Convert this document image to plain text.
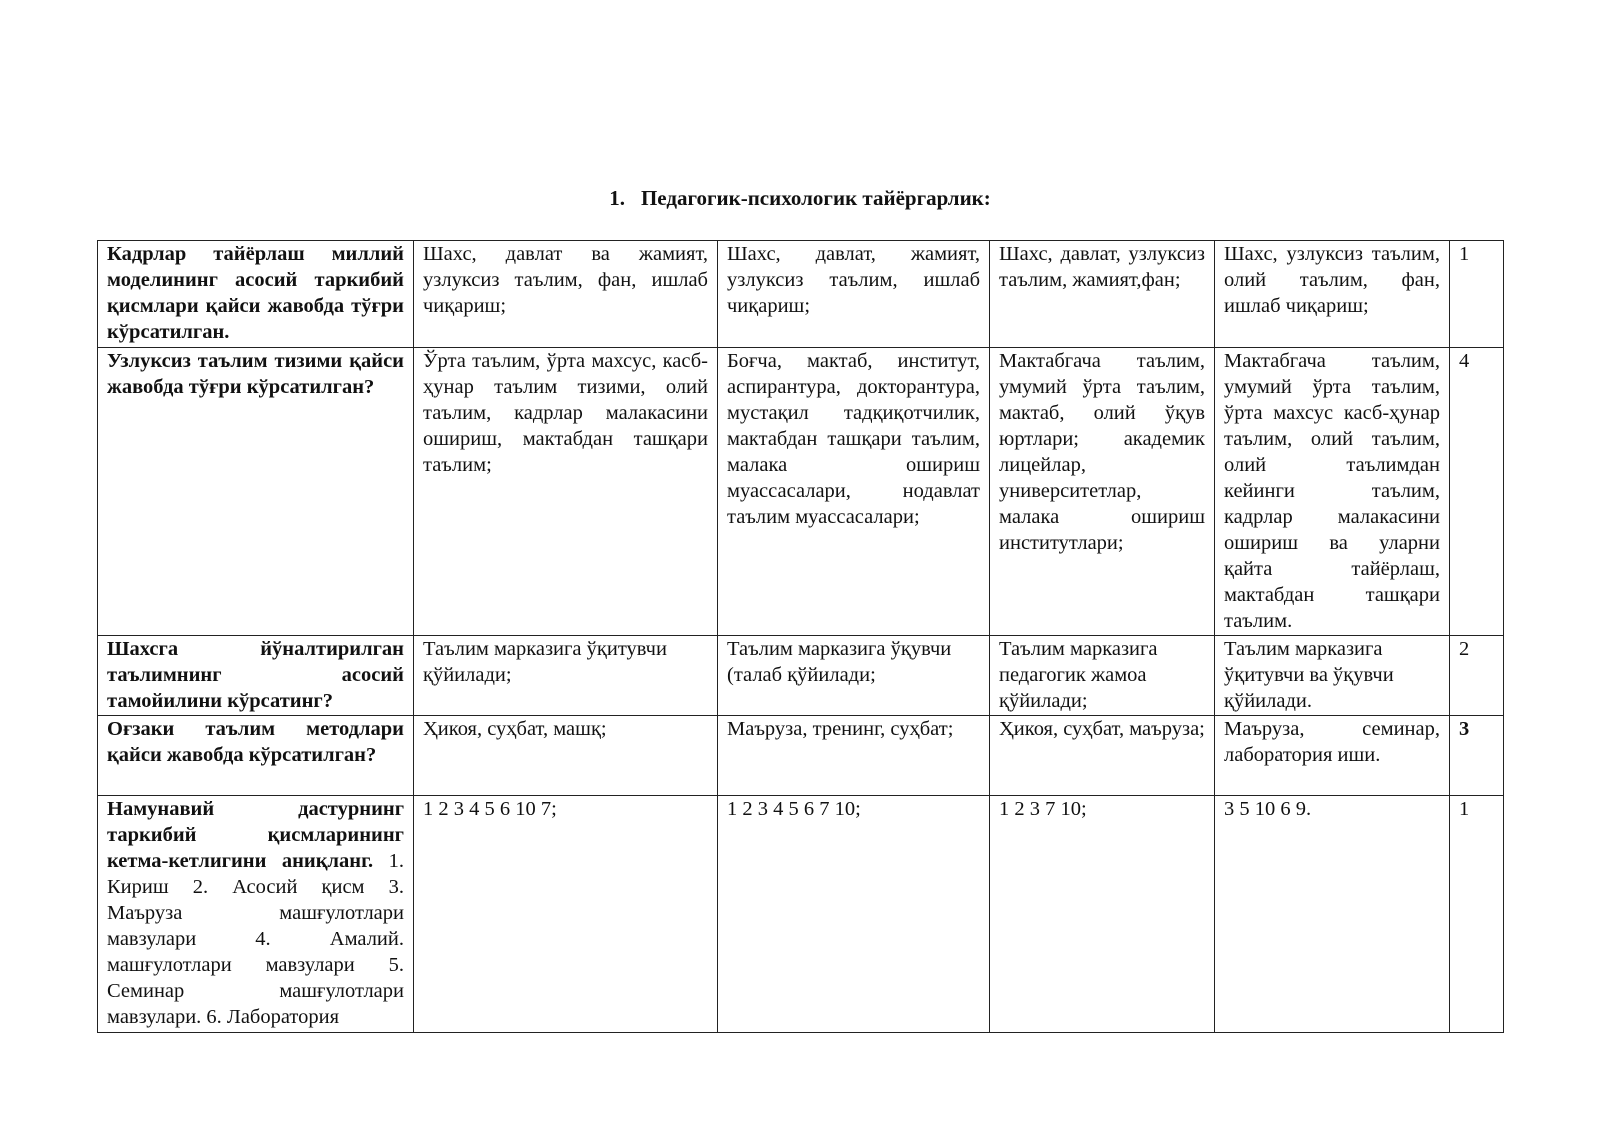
1. Педагогик-психологик тайёргарлик:
Кадрлар тайёрлаш миллий моделининг асосий таркибий қисмлари қайси жавобда тўғри кўрсатилган.	Шахс, давлат ва жамият, узлуксиз таълим, фан, ишлаб чиқариш;	Шахс, давлат, жамият, узлуксиз таълим, ишлаб чиқариш;	Шахс, давлат, узлуксиз таълим, жамият,фан;	Шахс, узлуксиз таълим, олий таълим, фан, ишлаб чиқариш;	1
Узлуксиз таълим тизими қайси жавобда тўғри кўрсатилган?	Ўрта таълим, ўрта махсус, касб-ҳунар таълим тизими, олий таълим, кадрлар малакасини ошириш, мактабдан ташқари таълим;	Боғча, мактаб, институт, аспирантура, докторантура, мустақил тадқиқотчилик, мактабдан ташқари таълим, малака ошириш муассасалари, нодавлат таълим муассасалари;	Мактабгача таълим, умумий ўрта таълим, мактаб, олий ўқув юртлари; академик лицейлар, университетлар, малака ошириш институтлари;	Мактабгача таълим, умумий ўрта таълим, ўрта махсус касб-ҳунар таълим, олий таълим, олий таълимдан кейинги таълим, кадрлар малакасини ошириш ва уларни қайта тайёрлаш, мактабдан ташқари таълим.	4
Шахсга йўналтирилган таълимнинг асосий тамойилини кўрсатинг?	Таълим марказига ўқитувчи қўйилади;	Таълим марказига ўқувчи (талаб қўйилади;	Таълим марказига педагогик жамоа қўйилади;	Таълим марказига ўқитувчи ва ўқувчи қўйилади.	2
Оғзаки таълим методлари қайси жавобда кўрсатилган?	Ҳикоя, суҳбат, машқ;	Маъруза, тренинг, суҳбат;	Ҳикоя, суҳбат, маъруза;	Маъруза, семинар, лаборатория иши.	3

Намунавий дастурнинг таркибий қисмларининг кетма-кетлигини аниқланг. 1. Кириш 2. Асосий қисм 3. Маъруза машғулотлари мавзулари 4. Амалий. машғулотлари мавзулари 5. Семинар машғулотлари мавзулари. 6. Лаборатория	1 2 3 4 5 6 10 7;	1 2 3 4 5 6 7 10;	1 2 3 7 10;	3 5 10 6 9.	1
